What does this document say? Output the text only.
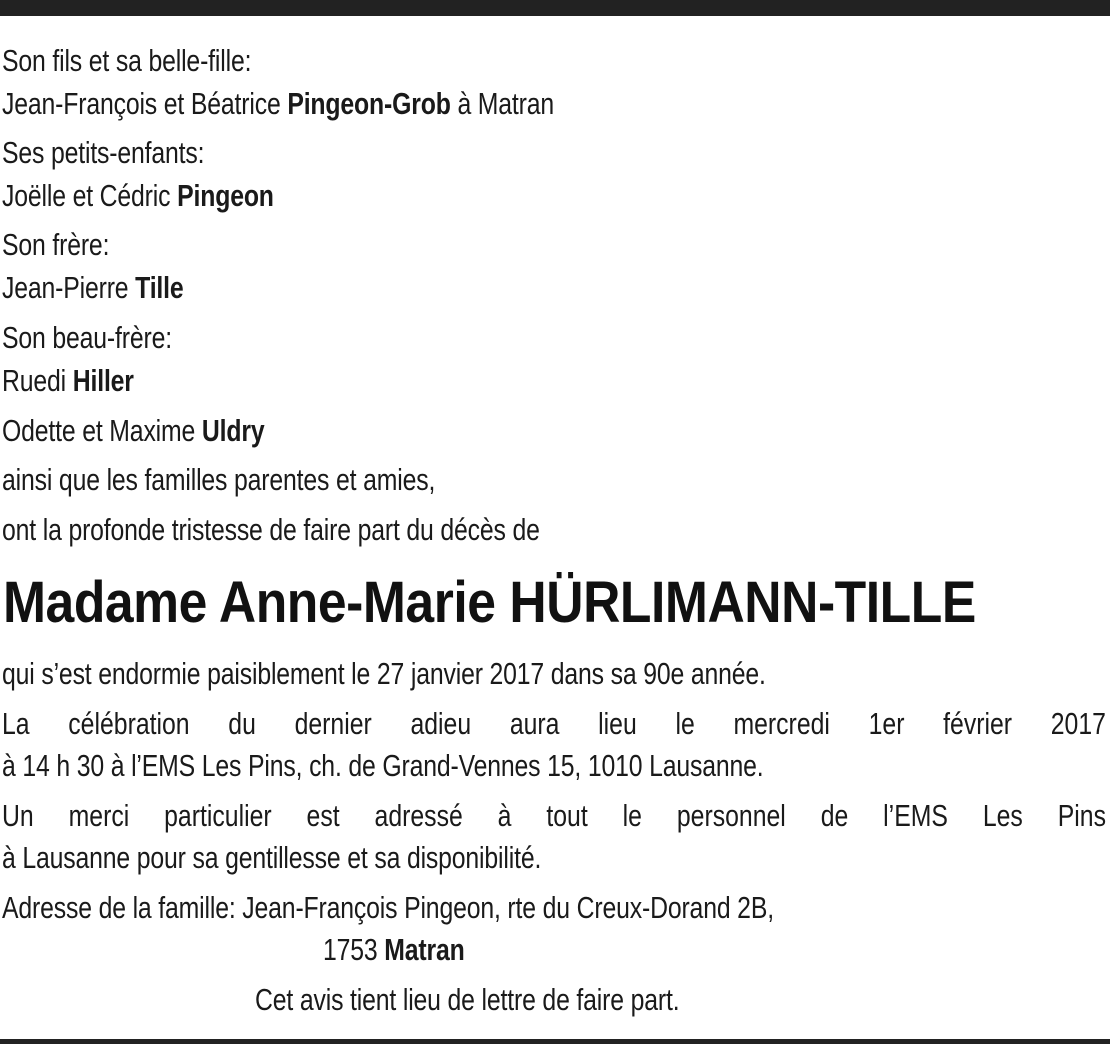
Son fils et sa belle-fille:
Jean-François et Béatrice Pingeon-Grob à Matran
Ses petits-enfants:
Joëlle et Cédric Pingeon
Son frère:
Jean-Pierre Tille
Son beau-frère:
Ruedi Hiller
Odette et Maxime Uldry
ainsi que les familles parentes et amies,
ont la profonde tristesse de faire part du décès de
Madame Anne-Marie HÜRLIMANN-TILLE
qui s’est endormie paisiblement le 27 janvier 2017 dans sa 90e année.
La célébration du dernier adieu aura lieu le mercredi 1er février 2017
à 14 h 30 à l’EMS Les Pins, ch. de Grand-Vennes 15, 1010 Lausanne.
Un merci particulier est adressé à tout le personnel de l’EMS Les Pins
à Lausanne pour sa gentillesse et sa disponibilité.
Adresse de la famille: Jean-François Pingeon, rte du Creux-Dorand 2B,
1753 Matran
Cet avis tient lieu de lettre de faire part.
